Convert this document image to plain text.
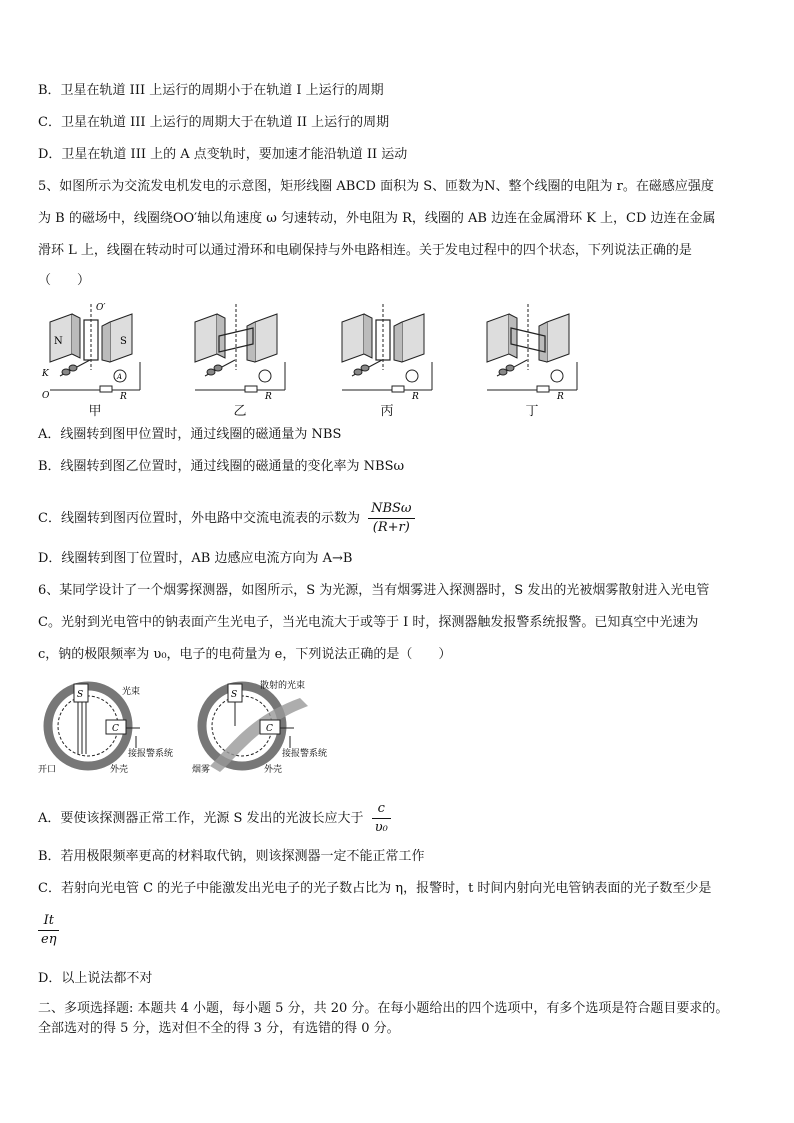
B．卫星在轨道 III 上运行的周期小于在轨道 I 上运行的周期
C．卫星在轨道 III 上运行的周期大于在轨道 II 上运行的周期
D．卫星在轨道 III 上的 A 点变轨时，要加速才能沿轨道 II 运动
5、如图所示为交流发电机发电的示意图，矩形线圈 ABCD 面积为 S、匝数为N、整个线圈的电阻为 r。在磁感应强度
为 B 的磁场中，线圈绕OO′轴以角速度 ω 匀速转动，外电阻为 R，线圈的 AB 边连在金属滑环 K 上，CD 边连在金属
滑环 L 上，线圈在转动时可以通过滑环和电刷保持与外电路相连。关于发电过程中的四个状态，下列说法正确的是
（　　）
N	S
O′
O
K	A
R
甲
R
乙
R
丙
R
丁
A．线圈转到图甲位置时，通过线圈的磁通量为 NBS
B．线圈转到图乙位置时，通过线圈的磁通量的变化率为 NBSω
C．线圈转到图丙位置时，外电路中交流电流表的示数为 $\frac{\text{NBSω}}{(R+r)}$
D．线圈转到图丁位置时，AB 边感应电流方向为 A→B
6、某同学设计了一个烟雾探测器，如图所示，S 为光源，当有烟雾进入探测器时，S 发出的光被烟雾散射进入光电管
C。光射到光电管中的钠表面产生光电子，当光电流大于或等于 I 时，探测器触发报警系统报警。已知真空中光速为
c，钠的极限频率为 υ₀，电子的电荷量为 e，下列说法正确的是（　　）
S
C
光束
接报警系统
开口	外壳
S
C
散射的光束
接报警系统
烟雾	外壳
A．要使该探测器正常工作，光源 S 发出的光波长应大于 $\frac{c}{\text{υ₀}}$
B．若用极限频率更高的材料取代钠，则该探测器一定不能正常工作
C．若射向光电管 C 的光子中能激发出光电子的光子数占比为 η，报警时，t 时间内射向光电管钠表面的光子数至少是
$\frac{It}{e\eta}$
D．以上说法都不对
二、多项选择题: 本题共 4 小题，每小题 5 分，共 20 分。在每小题给出的四个选项中，有多个选项是符合题目要求的。
全部选对的得 5 分，选对但不全的得 3 分，有选错的得 0 分。
